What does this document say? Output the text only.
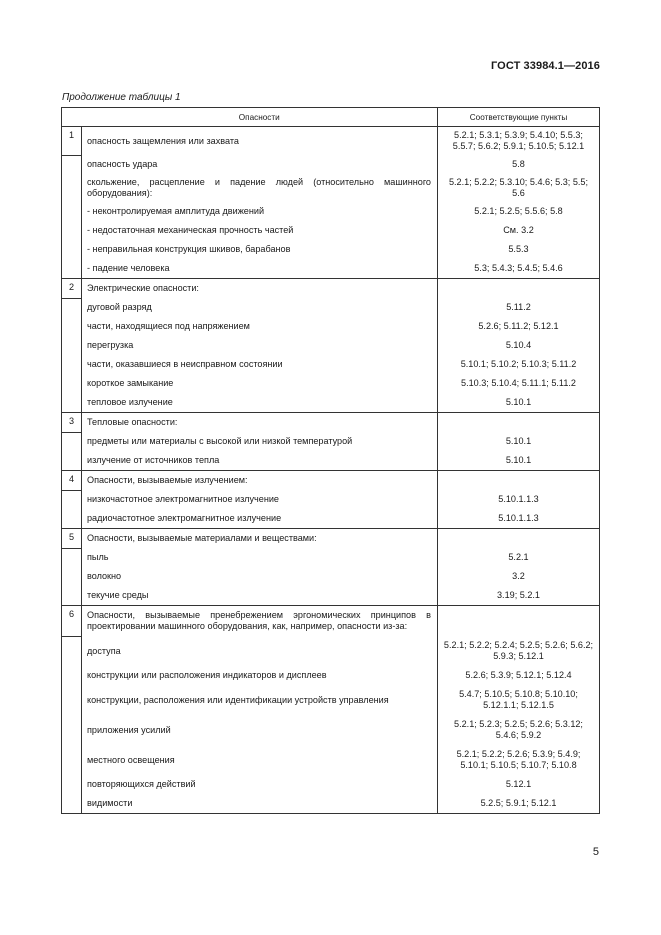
ГОСТ 33984.1—2016
Продолжение таблицы 1
	Опасности	Соответствующие пункты
1	опасность защемления или захвата	5.2.1; 5.3.1; 5.3.9; 5.4.10; 5.5.3; 5.5.7; 5.6.2; 5.9.1; 5.10.5; 5.12.1
	опасность удара	5.8
	скольжение, расцепление и падение людей (относительно машинного оборудования):	5.2.1; 5.2.2; 5.3.10; 5.4.6; 5.3; 5.5; 5.6
	- неконтролируемая амплитуда движений	5.2.1; 5.2.5; 5.5.6; 5.8
	- недостаточная механическая прочность частей	См. 3.2
	- неправильная конструкция шкивов, барабанов	5.5.3
	- падение человека	5.3; 5.4.3; 5.4.5; 5.4.6
2	Электрические опасности:	
	дуговой разряд	5.11.2
	части, находящиеся под напряжением	5.2.6; 5.11.2; 5.12.1
	перегрузка	5.10.4
	части, оказавшиеся в неисправном состоянии	5.10.1; 5.10.2; 5.10.3; 5.11.2
	короткое замыкание	5.10.3; 5.10.4; 5.11.1; 5.11.2
	тепловое излучение	5.10.1
3	Тепловые опасности:	
	предметы или материалы с высокой или низкой температурой	5.10.1
	излучение от источников тепла	5.10.1
4	Опасности, вызываемые излучением:	
	низкочастотное электромагнитное излучение	5.10.1.1.3
	радиочастотное электромагнитное излучение	5.10.1.1.3
5	Опасности, вызываемые материалами и веществами:	
	пыль	5.2.1
	волокно	3.2
	текучие среды	3.19; 5.2.1
6	Опасности, вызываемые пренебрежением эргономических принципов в проектировании машинного оборудования, как, например, опасности из-за:	
	доступа	5.2.1; 5.2.2; 5.2.4; 5.2.5; 5.2.6; 5.6.2; 5.9.3; 5.12.1
	конструкции или расположения индикаторов и дисплеев	5.2.6; 5.3.9; 5.12.1; 5.12.4
	конструкции, расположения или идентификации устройств управления	5.4.7; 5.10.5; 5.10.8; 5.10.10; 5.12.1.1; 5.12.1.5
	приложения усилий	5.2.1; 5.2.3; 5.2.5; 5.2.6; 5.3.12; 5.4.6; 5.9.2
	местного освещения	5.2.1; 5.2.2; 5.2.6; 5.3.9; 5.4.9; 5.10.1; 5.10.5; 5.10.7; 5.10.8
	повторяющихся действий	5.12.1
	видимости	5.2.5; 5.9.1; 5.12.1
5
